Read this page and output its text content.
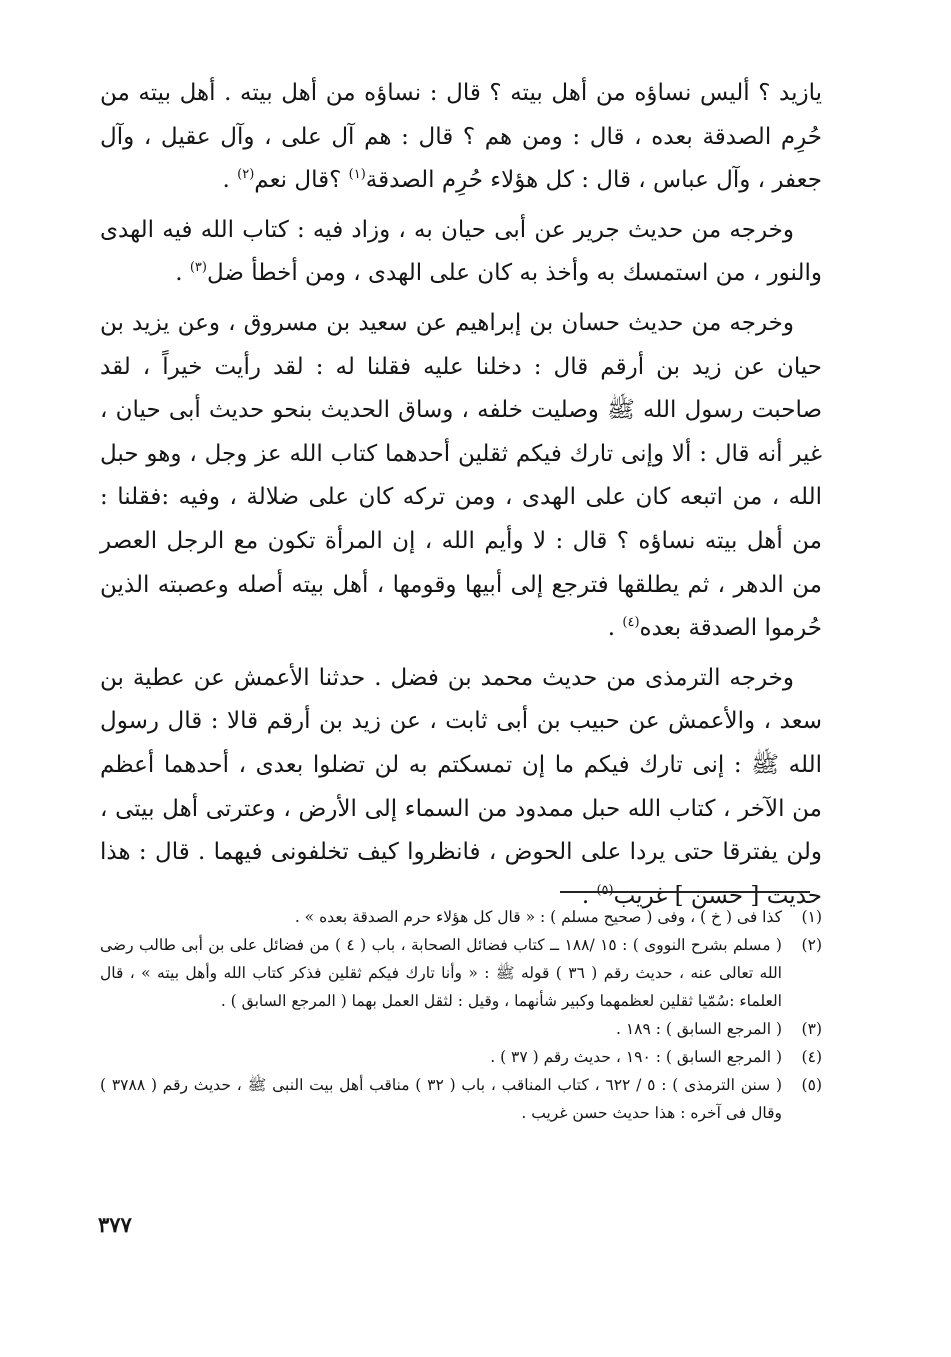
يازيد ؟ أليس نساؤه من أهل بيته ؟ قال : نساؤه من أهل بيته . أهل بيته من حُرِم الصدقة بعده ، قال : ومن هم ؟ قال : هم آل على ، وآل عقيل ، وآل جعفر ، وآل عباس ، قال : كل هؤلاء حُرِم الصدقة$^{(١)}$ ؟قال نعم$^{(٢)}$ .

وخرجه من حديث جرير عن أبى حيان به ، وزاد فيه : كتاب الله فيه الهدى والنور ، من استمسك به وأخذ به كان على الهدى ، ومن أخطأ ضل$^{(٣)}$ .

وخرجه من حديث حسان بن إبراهيم عن سعيد بن مسروق ، وعن يزيد بن حيان عن زيد بن أرقم قال : دخلنا عليه فقلنا له : لقد رأيت خيراً ، لقد صاحبت رسول الله ﷺ وصليت خلفه ، وساق الحديث بنحو حديث أبى حيان ، غير أنه قال : ألا وإنى تارك فيكم ثقلين أحدهما كتاب الله عز وجل ، وهو حبل الله ، من اتبعه كان على الهدى ، ومن تركه كان على ضلالة ، وفيه :فقلنا : من أهل بيته نساؤه ؟ قال : لا وأيم الله ، إن المرأة تكون مع الرجل العصر من الدهر ، ثم يطلقها فترجع إلى أبيها وقومها ، أهل بيته أصله وعصبته الذين حُرموا الصدقة بعده$^{(٤)}$ .

وخرجه الترمذى من حديث محمد بن فضل . حدثنا الأعمش عن عطية بن سعد ، والأعمش عن حبيب بن أبى ثابت ، عن زيد بن أرقم قالا : قال رسول الله ﷺ : إنى تارك فيكم ما إن تمسكتم به لن تضلوا بعدى ، أحدهما أعظم من الآخر ، كتاب الله حبل ممدود من السماء إلى الأرض ، وعترتى أهل بيتى ، ولن يفترقا حتى يردا على الحوض ، فانظروا كيف تخلفونى فيهما . قال : هذا حديث [ حسن ] غريب$^{(٥)}$ .

(١)
كذا فى ( خ ) ، وفى ( صحيح مسلم ) : « قال كل هؤلاء حرم الصدقة بعده » .
(٢)
( مسلم بشرح النووى ) : ١٥ /١٨٨ ــ كتاب فضائل الصحابة ، باب ( ٤ ) من فضائل على بن أبى طالب رضى الله تعالى عنه ، حديث رقم ( ٣٦ ) قوله ﷺ : « وأنا تارك فيكم ثقلين فذكر كتاب الله وأهل بيته » ، قال العلماء :سُمّيا ثقلين لعظمهما وكبير شأنهما ، وقيل : لثقل العمل بهما ( المرجع السابق ) .
(٣)
( المرجع السابق ) : ١٨٩ .
(٤)
( المرجع السابق ) : ١٩٠ ، حديث رقم ( ٣٧ ) .
(٥)
( سنن الترمذى ) : ٥ / ٦٢٢ ، كتاب المناقب ، باب ( ٣٢ ) مناقب أهل بيت النبى ﷺ ، حديث رقم ( ٣٧٨٨ ) وقال فى آخره : هذا حديث حسن غريب .
٣٧٧
